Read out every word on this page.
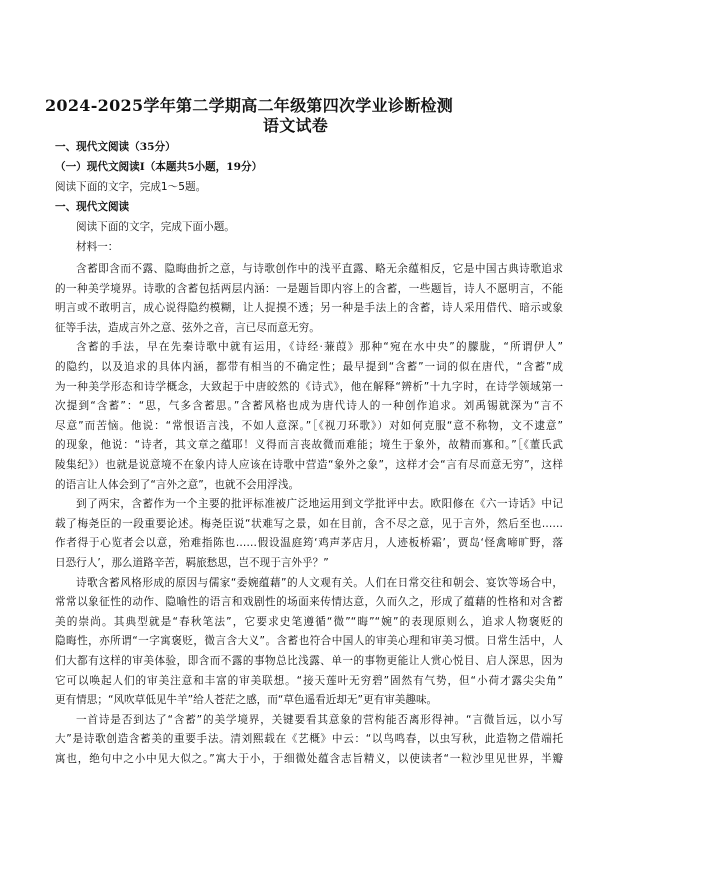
2024-2025学年第二学期高二年级第四次学业诊断检测
语文试卷
一、现代文阅读（35分）
（一）现代文阅读Ⅰ（本题共5小题，19分）
阅读下面的文字，完成1～5题。
一、现代文阅读
阅读下面的文字，完成下面小题。
材料一：
含蓄即含而不露、隐晦曲折之意，与诗歌创作中的浅平直露、略无余蕴相反，它是中国古典诗歌追求
的一种美学境界。诗歌的含蓄包括两层内涵：一是题旨即内容上的含蓄，一些题旨，诗人不愿明言，不能
明言或不敢明言，成心说得隐约模糊，让人捉摸不透；另一种是手法上的含蓄，诗人采用借代、暗示或象
征等手法，造成言外之意、弦外之音，言已尽而意无穷。
含蓄的手法，早在先秦诗歌中就有运用，《诗经·蒹葭》那种“宛在水中央”的朦胧，“所谓伊人”
的隐约，以及追求的具体内涵，都带有相当的不确定性；最早提到“含蓄”一词的似在唐代，“含蓄”成
为一种美学形态和诗学概念，大致起于中唐皎然的《诗式》，他在解释“辨析”十九字时，在诗学领域第一
次提到“含蓄”：“思，气多含蓄思。”含蓄风格也成为唐代诗人的一种创作追求。刘禹锡就深为“言不
尽意”而苦恼。他说：“常恨语言浅，不如人意深。”［《视刀环歌》）对如何克服“意不称物，文不逮意”
的现象，他说：“诗者，其文章之蕴耶！义得而言丧故微而难能；境生于象外，故精而寡和。”［《董氏武
陵集纪》）也就是说意境不在象内诗人应该在诗歌中营造“象外之象”，这样才会“言有尽而意无穷”，这样
的语言让人体会到了“言外之意”，也就不会用浮浅。
到了两宋，含蓄作为一个主要的批评标准被广泛地运用到文学批评中去。欧阳修在《六一诗话》中记
载了梅尧臣的一段重要论述。梅尧臣说“状难写之景，如在目前，含不尽之意，见于言外，然后至也……
作者得于心览者会以意，殆难指陈也……假设温庭筠‘鸡声茅店月，人迹板桥霜’，贾岛‘怪禽啼旷野，落
日恐行人’，那么道路辛苦，羁旅愁思，岂不现于言外乎？”
诗歌含蓄风格形成的原因与儒家“委婉蕴藉”的人文观有关。人们在日常交往和朝会、宴饮等场合中，
常常以象征性的动作、隐喻性的语言和戏剧性的场面来传情达意，久而久之，形成了蕴藉的性格和对含蓄
美的崇尚。其典型就是“春秋笔法”，它要求史笔遵循“微”“晦”“婉”的表现原则么，追求人物褒贬的
隐晦性，亦所谓“一字寓褒贬，微言含大义”。含蓄也符合中国人的审美心理和审美习惯。日常生活中，人
们大都有这样的审美体验，即含而不露的事物总比浅露、单一的事物更能让人赏心悦目、启人深思，因为
它可以唤起人们的审美注意和丰富的审美联想。“接天莲叶无穷碧”固然有气势，但“小荷才露尖尖角”
更有情思；“风吹草低见牛羊”给人苍茫之感，而“草色遥看近却无”更有审美趣味。
一首诗是否到达了“含蓄”的美学境界，关键要看其意象的营构能否离形得神。“言微旨远，以小写
大”是诗歌创造含蓄美的重要手法。清刘熙载在《艺概》中云：“以鸟鸣春，以虫写秋，此造物之借端托
寓也，绝句中之小中见大似之。”寓大于小，于细微处蕴含志旨精义，以使读者“一粒沙里见世界，半瓣
